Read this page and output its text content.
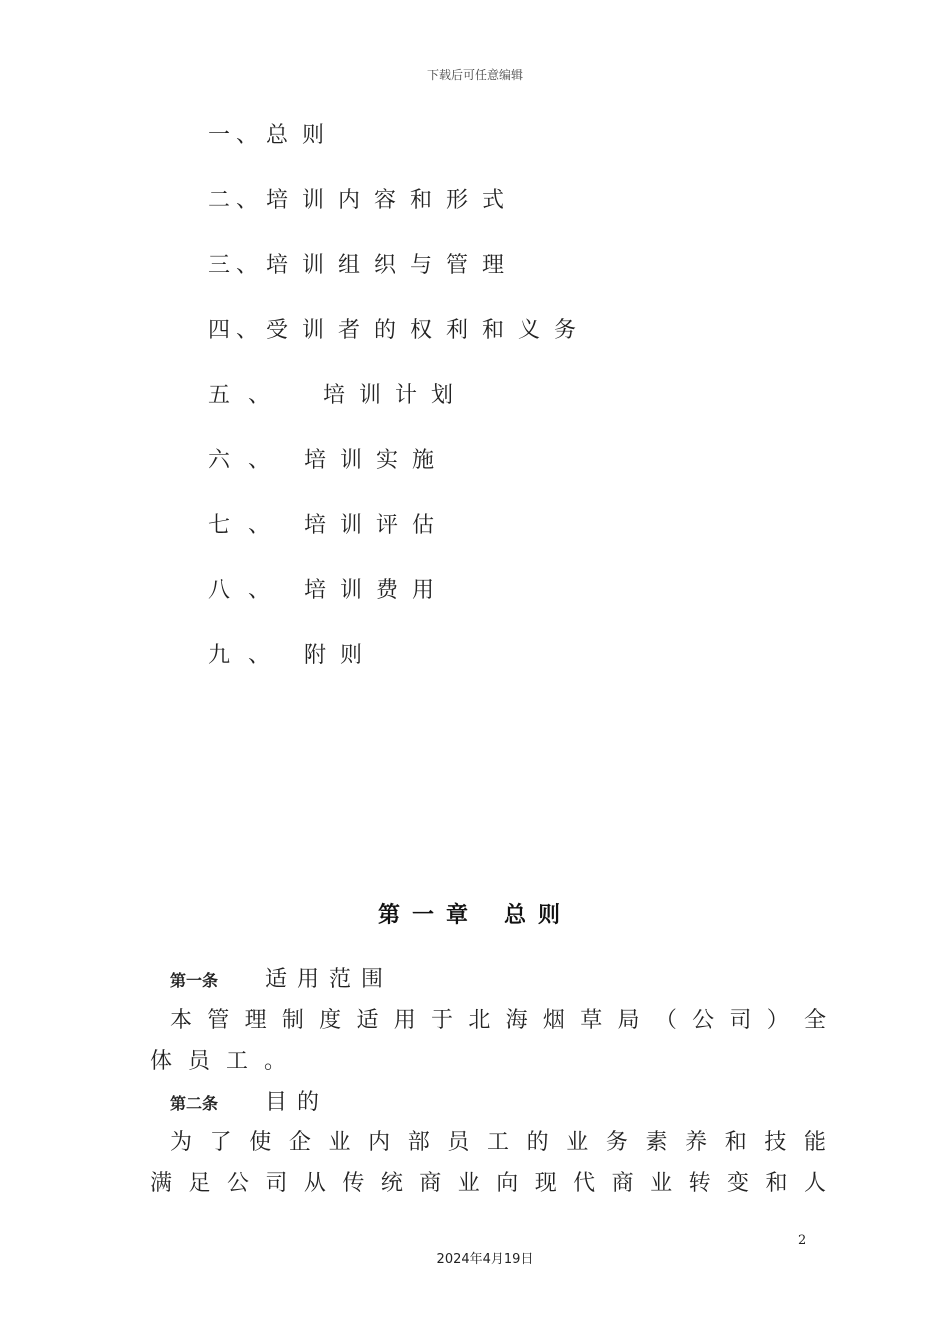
下载后可任意编辑
一、总则
二、培训内容和形式
三、培训组织与管理
四、受训者的权利和义务
五、 培训计划
六、 培训实施
七、 培训评估
八、 培训费用
九、 附则
第一章 总则
第一条 适用范围
本管理制度适用于北海烟草局（公司）全
体员工。
第二条 目的
为了使企业内部员工的业务素养和技能
满足公司从传统商业向现代商业转变和人
2
2024年4月19日
